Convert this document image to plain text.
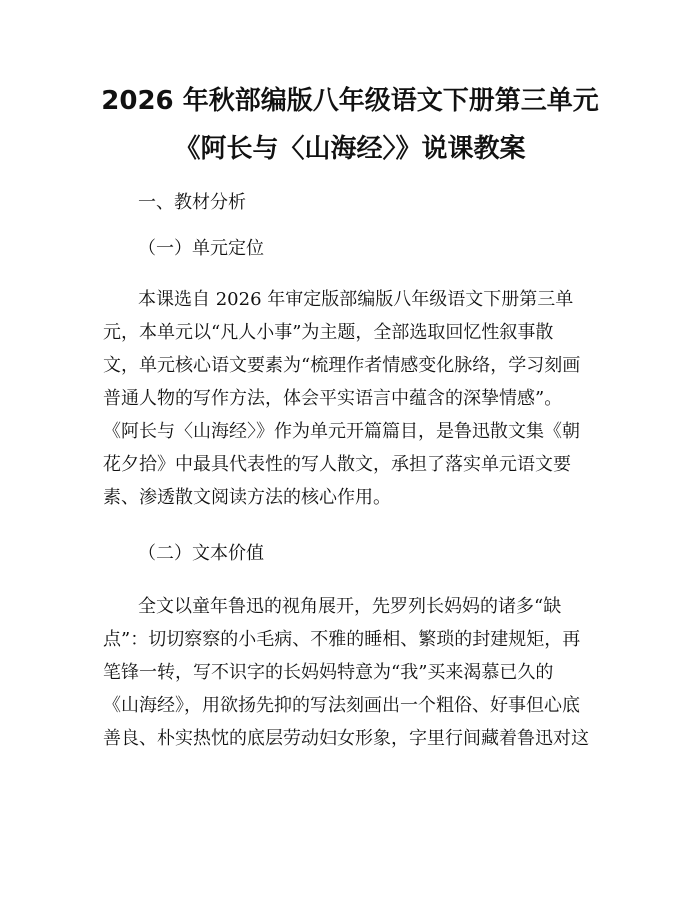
2026 年秋部编版八年级语文下册第三单元
《阿长与〈山海经〉》说课教案
一、教材分析
（一）单元定位
本课选自 2026 年审定版部编版八年级语文下册第三单
元，本单元以“凡人小事”为主题，全部选取回忆性叙事散
文，单元核心语文要素为“梳理作者情感变化脉络，学习刻画
普通人物的写作方法，体会平实语言中蕴含的深挚情感”。
《阿长与〈山海经〉》作为单元开篇篇目，是鲁迅散文集《朝
花夕拾》中最具代表性的写人散文，承担了落实单元语文要
素、渗透散文阅读方法的核心作用。
（二）文本价值
全文以童年鲁迅的视角展开，先罗列长妈妈的诸多“缺
点”：切切察察的小毛病、不雅的睡相、繁琐的封建规矩，再
笔锋一转，写不识字的长妈妈特意为“我”买来渴慕已久的
《山海经》，用欲扬先抑的写法刻画出一个粗俗、好事但心底
善良、朴实热忱的底层劳动妇女形象，字里行间藏着鲁迅对这
